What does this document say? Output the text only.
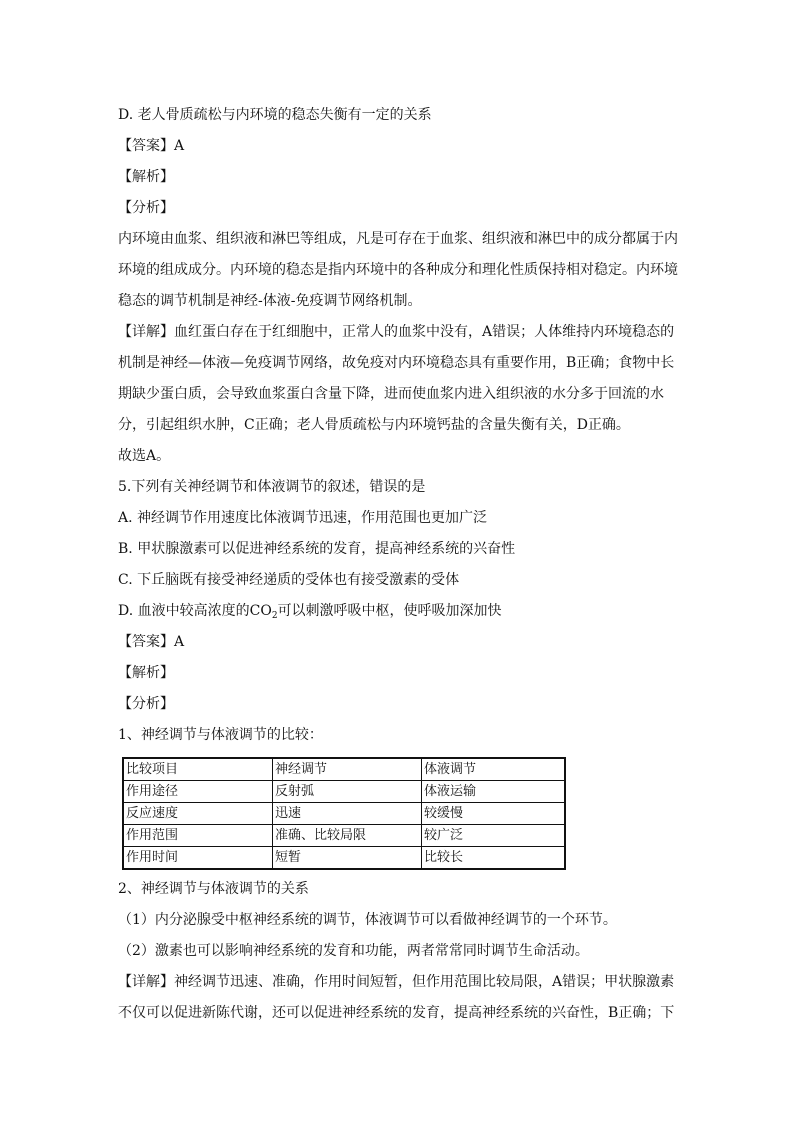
D. 老人骨质疏松与内环境的稳态失衡有一定的关系
【答案】A
【解析】
【分析】
内环境由血浆、组织液和淋巴等组成，凡是可存在于血浆、组织液和淋巴中的成分都属于内环境的组成成分。内环境的稳态是指内环境中的各种成分和理化性质保持相对稳定。内环境稳态的调节机制是神经-体液-免疫调节网络机制。
【详解】血红蛋白存在于红细胞中，正常人的血浆中没有，A错误；人体维持内环境稳态的机制是神经—体液—免疫调节网络，故免疫对内环境稳态具有重要作用，B正确；食物中长期缺少蛋白质，会导致血浆蛋白含量下降，进而使血浆内进入组织液的水分多于回流的水分，引起组织水肿，C正确；老人骨质疏松与内环境钙盐的含量失衡有关，D正确。
故选A。
5.下列有关神经调节和体液调节的叙述，错误的是
A. 神经调节作用速度比体液调节迅速，作用范围也更加广泛
B. 甲状腺激素可以促进神经系统的发育，提高神经系统的兴奋性
C. 下丘脑既有接受神经递质的受体也有接受激素的受体
D. 血液中较高浓度的$CO_2$可以刺激呼吸中枢，使呼吸加深加快
【答案】A
【解析】
【分析】
1、神经调节与体液调节的比较：
比较项目	神经调节	体液调节
作用途径	反射弧	体液运输
反应速度	迅速	较缓慢
作用范围	准确、比较局限	较广泛
作用时间	短暂	比较长
2、神经调节与体液调节的关系
（1）内分泌腺受中枢神经系统的调节，体液调节可以看做神经调节的一个环节。
（2）激素也可以影响神经系统的发育和功能，两者常常同时调节生命活动。
【详解】神经调节迅速、准确，作用时间短暂，但作用范围比较局限，A错误；甲状腺激素不仅可以促进新陈代谢，还可以促进神经系统的发育，提高神经系统的兴奋性，B正确；下
